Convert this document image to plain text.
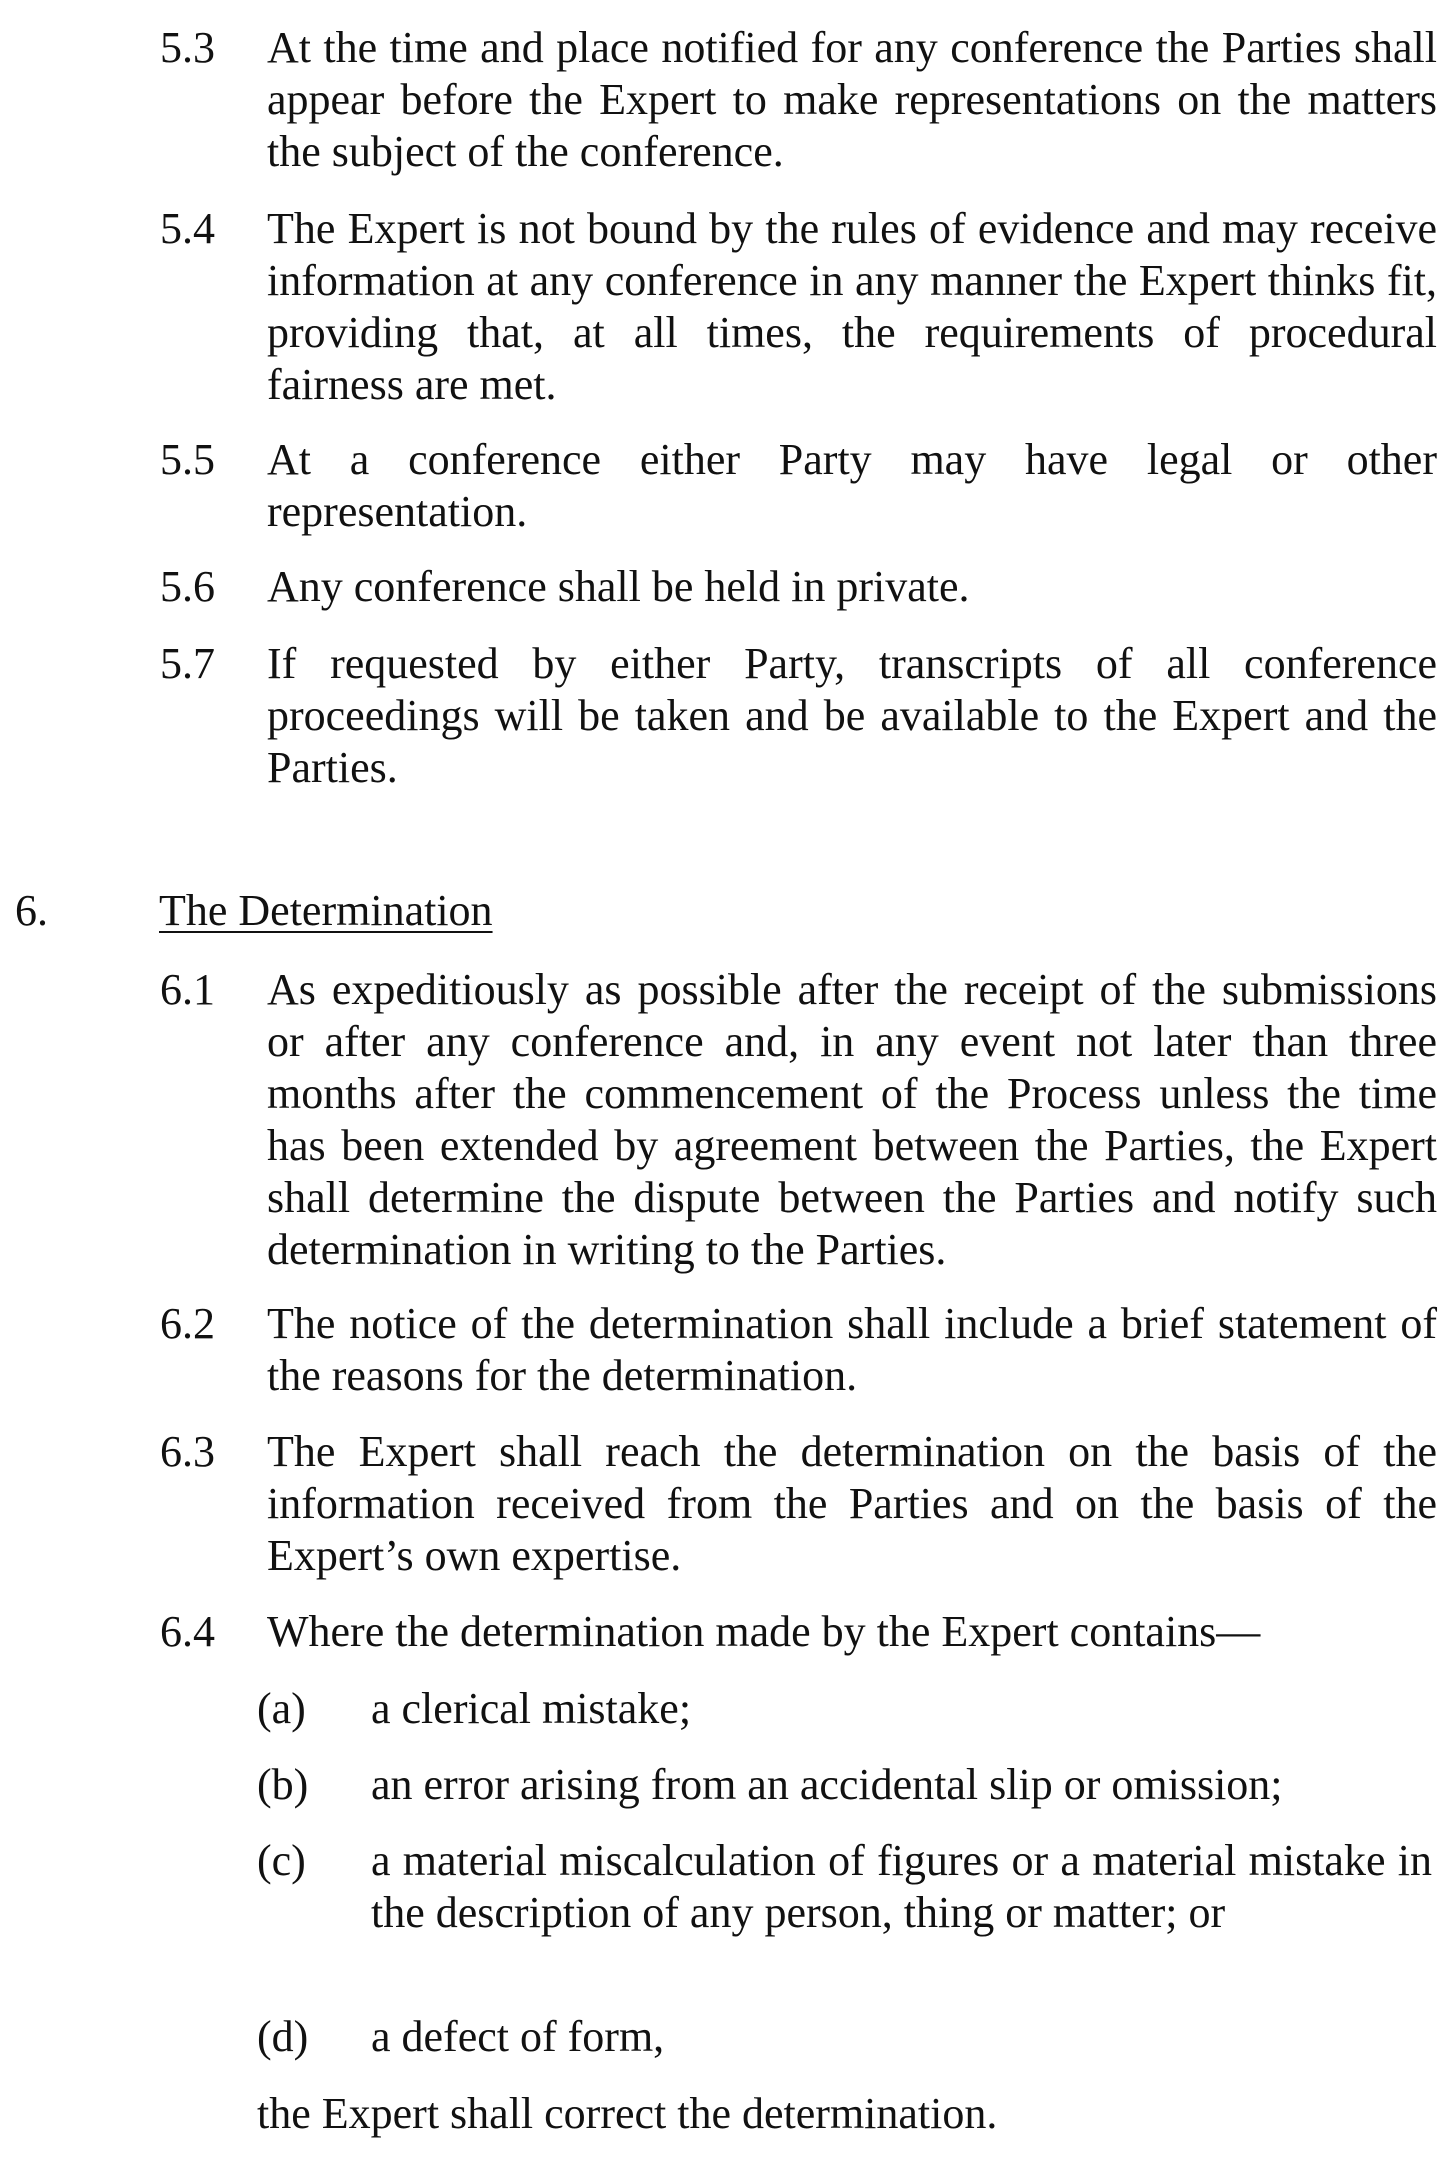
5.3 At the time and place notified for any conference the Parties shall appear before the Expert to make representations on the matters the subject of the conference.

5.4 The Expert is not bound by the rules of evidence and may receive information at any conference in any manner the Expert thinks fit, providing that, at all times, the requirements of procedural fairness are met.

5.5 At a conference either Party may have legal or other representation.

5.6 Any conference shall be held in private.

5.7 If requested by either Party, transcripts of all conference proceedings will be taken and be available to the Expert and the Parties.

6.	The Determination
6.1 As expeditiously as possible after the receipt of the submissions or after any conference and, in any event not later than three months after the commencement of the Process unless the time has been extended by agreement between the Parties, the Expert shall determine the dispute between the Parties and notify such determination in writing to the Parties.

6.2 The notice of the determination shall include a brief statement of the reasons for the determination.

6.3 The Expert shall reach the determination on the basis of the information received from the Parties and on the basis of the Expert’s own expertise.

6.4 Where the determination made by the Expert contains—

(a) a clerical mistake;

(b) an error arising from an accidental slip or omission;

(c) a material miscalculation of figures or a material mistake in the description of any person, thing or matter; or

(d) a defect of form,

the Expert shall correct the determination.
